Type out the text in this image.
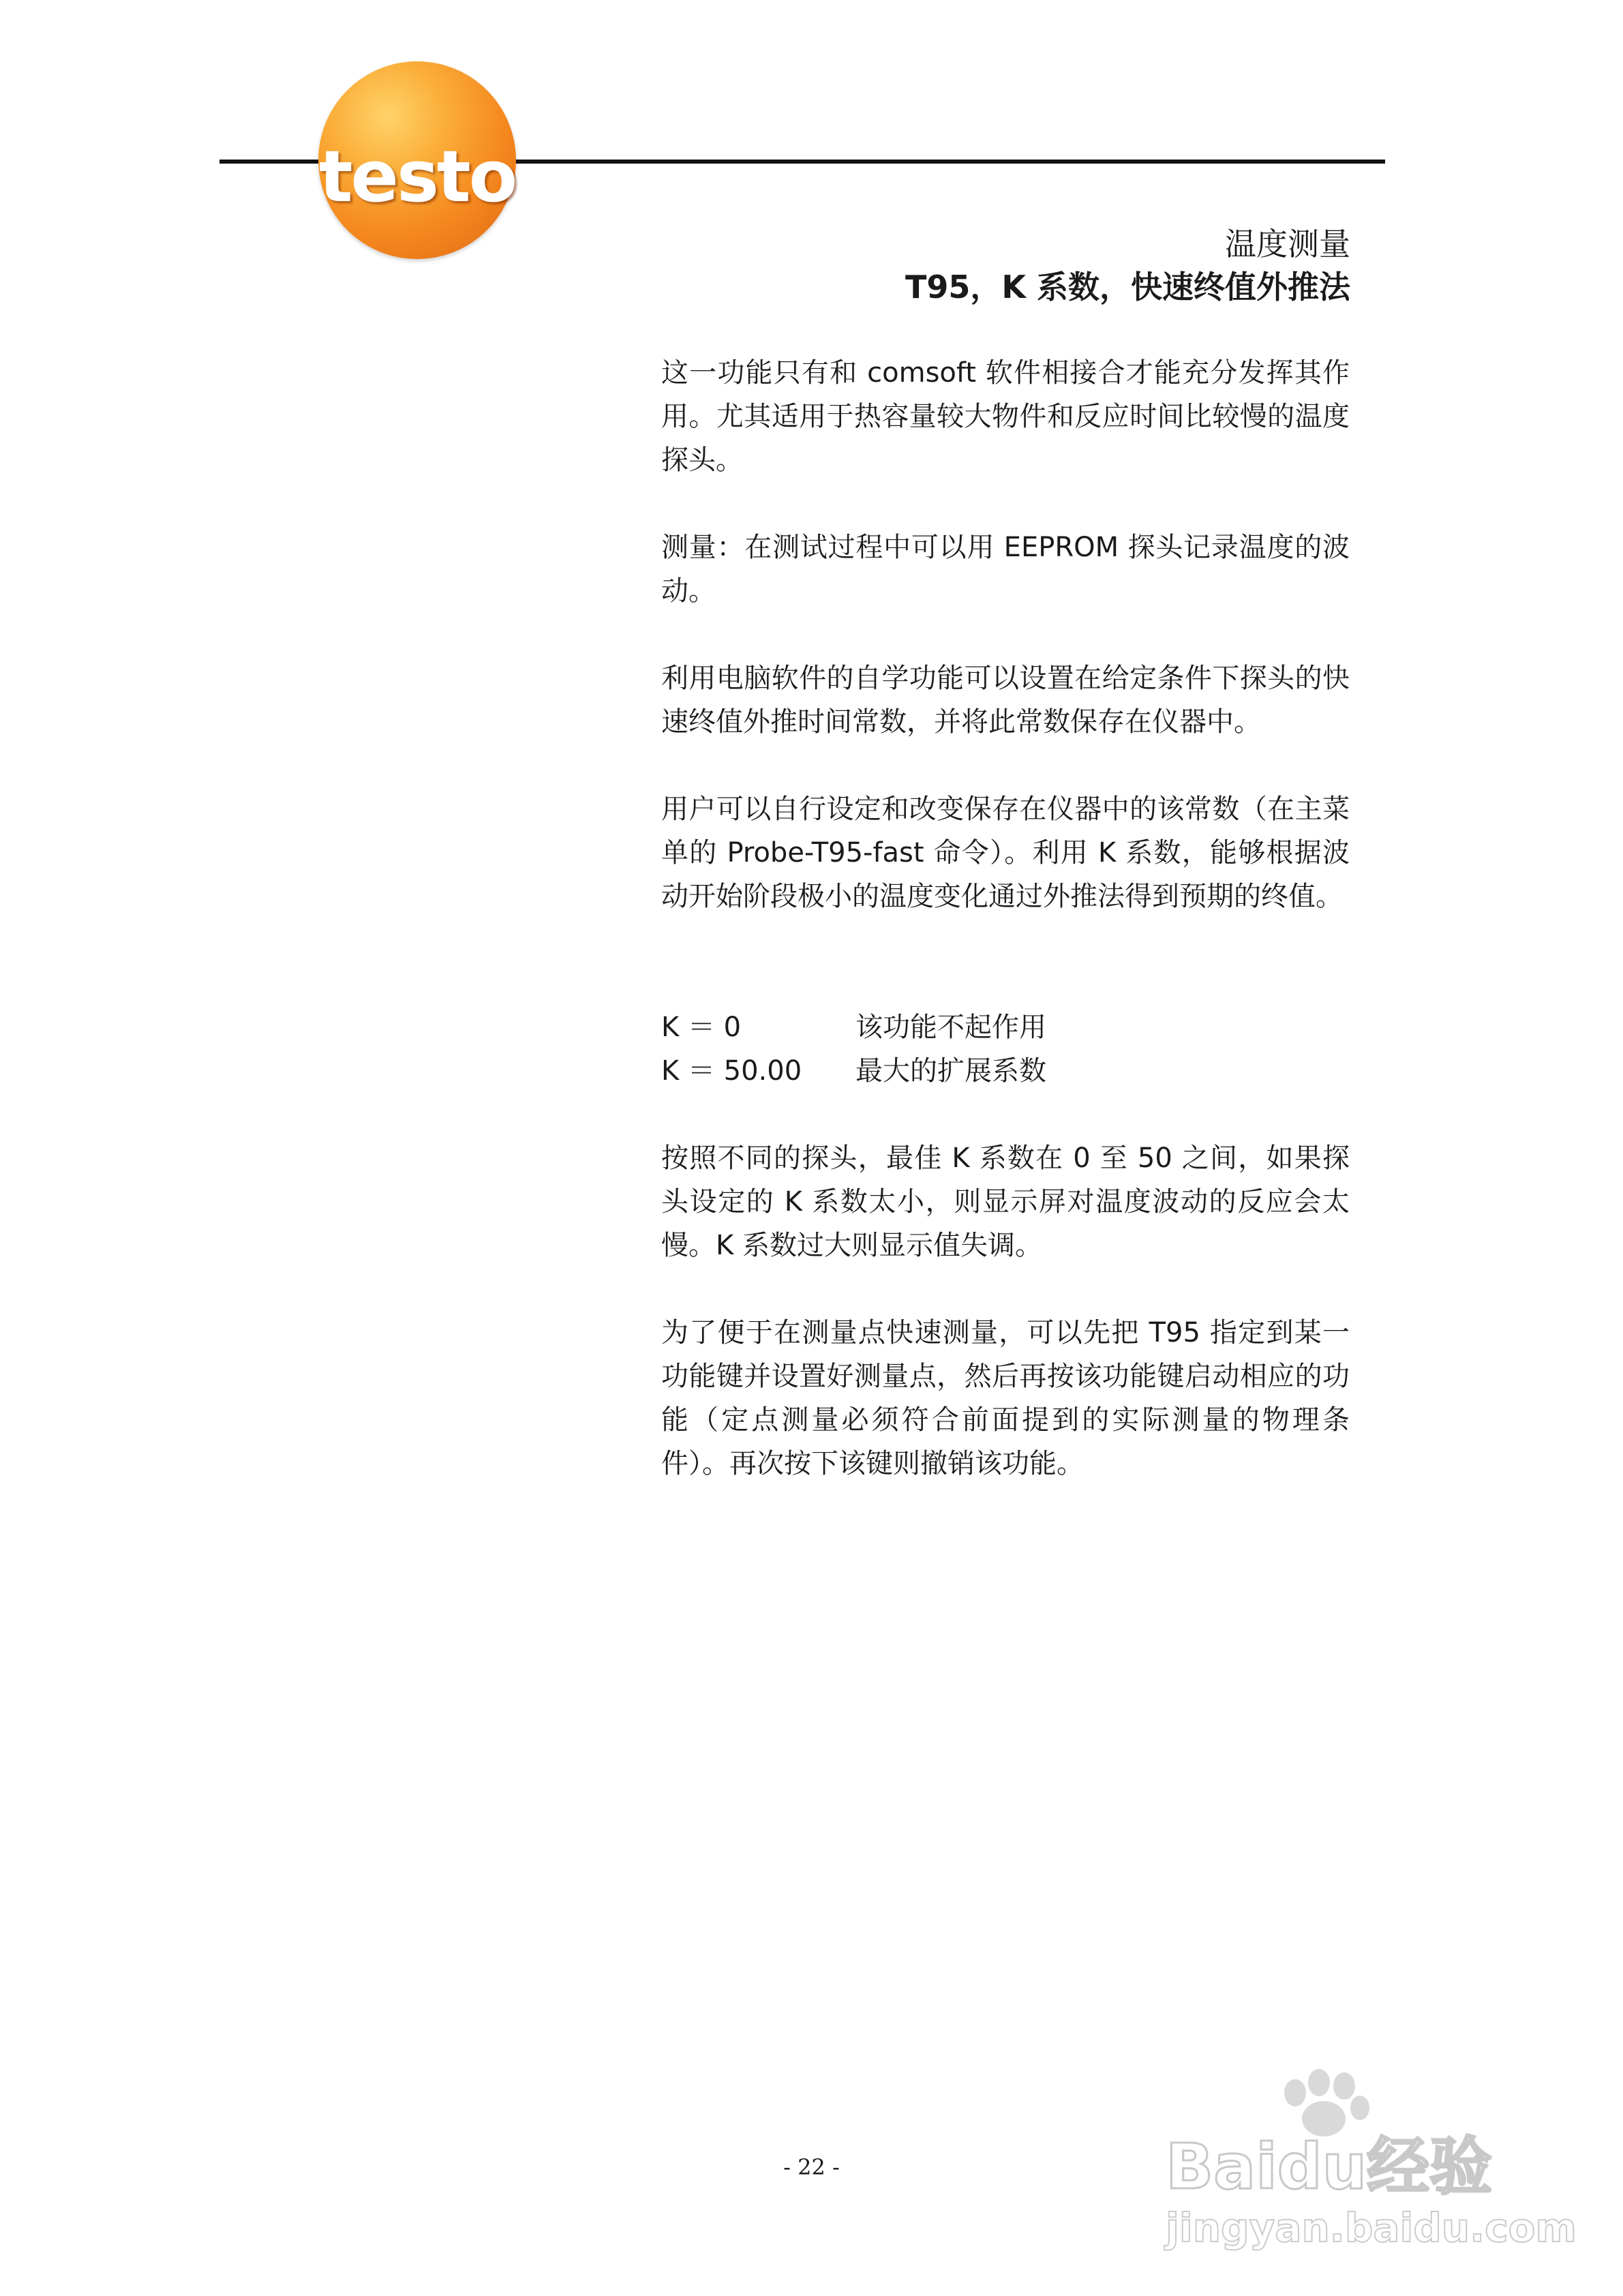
testo
温度测量
T95，K 系数，快速终值外推法
这一功能只有和 comsoft 软件相接合才能充分发挥其作用。尤其适用于热容量较大物件和反应时间比较慢的温度探头。
测量：在测试过程中可以用 EEPROM 探头记录温度的波动。
利用电脑软件的自学功能可以设置在给定条件下探头的快速终值外推时间常数，并将此常数保存在仪器中。
用户可以自行设定和改变保存在仪器中的该常数（在主菜单的 Probe-T95-fast 命令）。利用 K 系数，能够根据波动开始阶段极小的温度变化通过外推法得到预期的终值。
K ＝ 0	该功能不起作用
K ＝ 50.00 最大的扩展系数
按照不同的探头，最佳 K 系数在 0 至 50 之间，如果探头设定的 K 系数太小，则显示屏对温度波动的反应会太慢。K 系数过大则显示值失调。
为了便于在测量点快速测量，可以先把 T95 指定到某一功能键并设置好测量点，然后再按该功能键启动相应的功能（定点测量必须符合前面提到的实际测量的物理条件）。再次按下该键则撤销该功能。
- 22 -	Baidu经验
jingyan.baidu.com
